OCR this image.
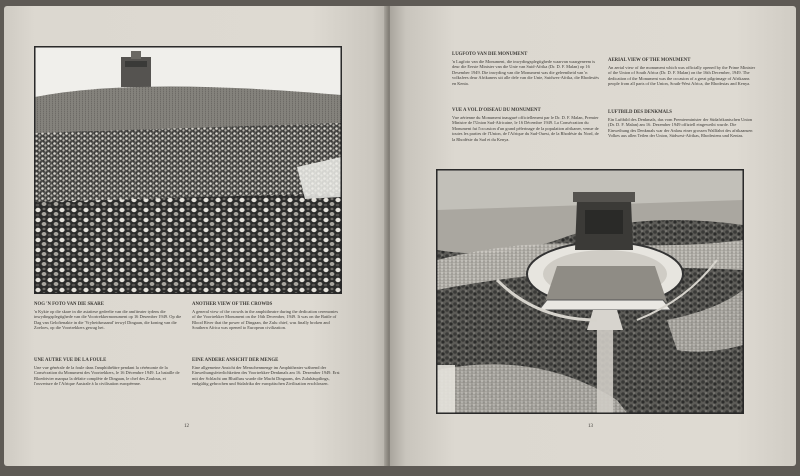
NOG 'N FOTO VAN DIE SKARE
'n Kykie op die skare in die asiatiese gedeelte van die amfiteater tydens die inwydingsplegtighede van die Voortrekkermonument op 16 Desember 1949. Op die Dag van Geloftenakte in die 'Vryheidsmaand' terwyl Dingaan, die koning van die Zoeloes, op die Voortrekkers gewag het.
ANOTHER VIEW OF THE CROWDS
A general view of the crowds in the amphitheatre during the dedication ceremonies of the Voortrekker Monument on the 16th December, 1949. It was on the Battle of Blood River that the power of Dingaan, the Zulu chief, was finally broken and Southern Africa was opened to European civilization.
UNE AUTRE VUE DE LA FOULE
Une vue générale de la foule dans l'amphithéâtre pendant la cérémonie de la Consécration du Monument des Voortrekkers, le 16 Décembre 1949. La bataille de Bloedrivier marqua la défaite complète de Dingaan, le chef des Zoulous, et l'ouverture de l'Afrique Australe à la civilisation européenne.
EINE ANDERE ANSICHT DER MENGE
Eine allgemeine Ansicht der Menschenmenge im Amphitheater während der Einweihungsfeierlichkeiten des Voortrekker-Denkmals am 16. Dezember 1949. Erst mit der Schlacht am Blutfluss wurde die Macht Dingaans, des Zuluhäuptlings, endgültig gebrochen und Südafrika der europäischen Zivilisation erschlossen.
12
LUGFOTO VAN DIE MONUMENT
'n Lugfoto van die Monument, die inwydingsplegtighede waarvan waargeneem is deur die Eerste Minister van die Unie van Suid-Afrika (Dr. D. F. Malan) op 16 Desember 1949. Die inwyding van die Monument was die geleentheid van 'n volksfees deur Afrikaners uit alle dele van die Unie, Suidwes-Afrika, die Rhodesiës en Kenia.
AERIAL VIEW OF THE MONUMENT
An aerial view of the monument which was officially opened by the Prime Minister of the Union of South Africa (Dr. D. F. Malan) on the 16th December, 1949. The dedication of the Monument was the occasion of a great pilgrimage of Afrikaans people from all parts of the Union, South-West Africa, the Rhodesias and Kenya.
VUE A VOL D'OISEAU DU MONUMENT
Vue aérienne du Monument inauguré officiellement par le Dr. D. F. Malan, Premier Ministre de l'Union Sud-Africaine, le 16 Décembre 1949. La Consécration du Monument fut l'occasion d'un grand pèlerinage de la population afrikaner, venue de toutes les parties de l'Union, de l'Afrique du Sud-Ouest, de la Rhodésie du Nord, de la Rhodésie du Sud et du Kenya.
LUFTBILD DES DENKMALS
Ein Luftbild des Denkmals, das vom Premierminister der Südafrikanischen Union (Dr. D. F. Malan) am 16. Dezember 1949 offiziell eingeweiht wurde. Die Einweihung des Denkmals war der Anlass einer grossen Wallfahrt des afrikaansen Volkes aus allen Teilen der Union, Südwest-Afrikas, Rhodesiens und Kenias.
13
